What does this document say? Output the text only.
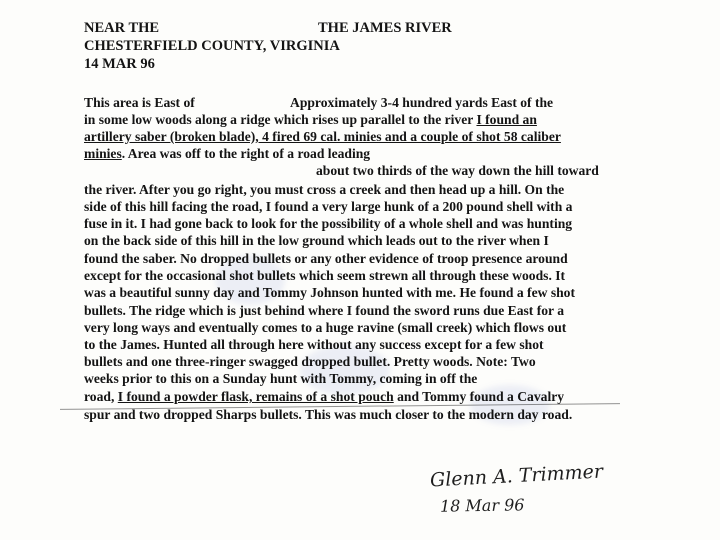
NEAR THE	THE JAMES RIVER

CHESTERFIELD COUNTY, VIRGINIA

14 MAR 96

This area is East of	Approximately 3-4 hundred yards East of the
in some low woods along a ridge which rises up parallel to the river I found an
artillery saber (broken blade), 4 fired 69 cal. minies and a couple of shot 58 caliber
minies. Area was off to the right of a road leading
about two thirds of the way down the hill toward
the river. After you go right, you must cross a creek and then head up a hill. On the
side of this hill facing the road, I found a very large hunk of a 200 pound shell with a
fuse in it. I had gone back to look for the possibility of a whole shell and was hunting
on the back side of this hill in the low ground which leads out to the river when I
found the saber. No dropped bullets or any other evidence of troop presence around
except for the occasional shot bullets which seem strewn all through these woods. It
was a beautiful sunny day and Tommy Johnson hunted with me. He found a few shot
bullets. The ridge which is just behind where I found the sword runs due East for a
very long ways and eventually comes to a huge ravine (small creek) which flows out
to the James. Hunted all through here without any success except for a few shot
bullets and one three-ringer swagged dropped bullet. Pretty woods. Note: Two
weeks prior to this on a Sunday hunt with Tommy, coming in off the
road, I found a powder flask, remains of a shot pouch and Tommy found a Cavalry
spur and two dropped Sharps bullets. This was much closer to the modern day road.
Glenn A. Trimmer
18 Mar 96
